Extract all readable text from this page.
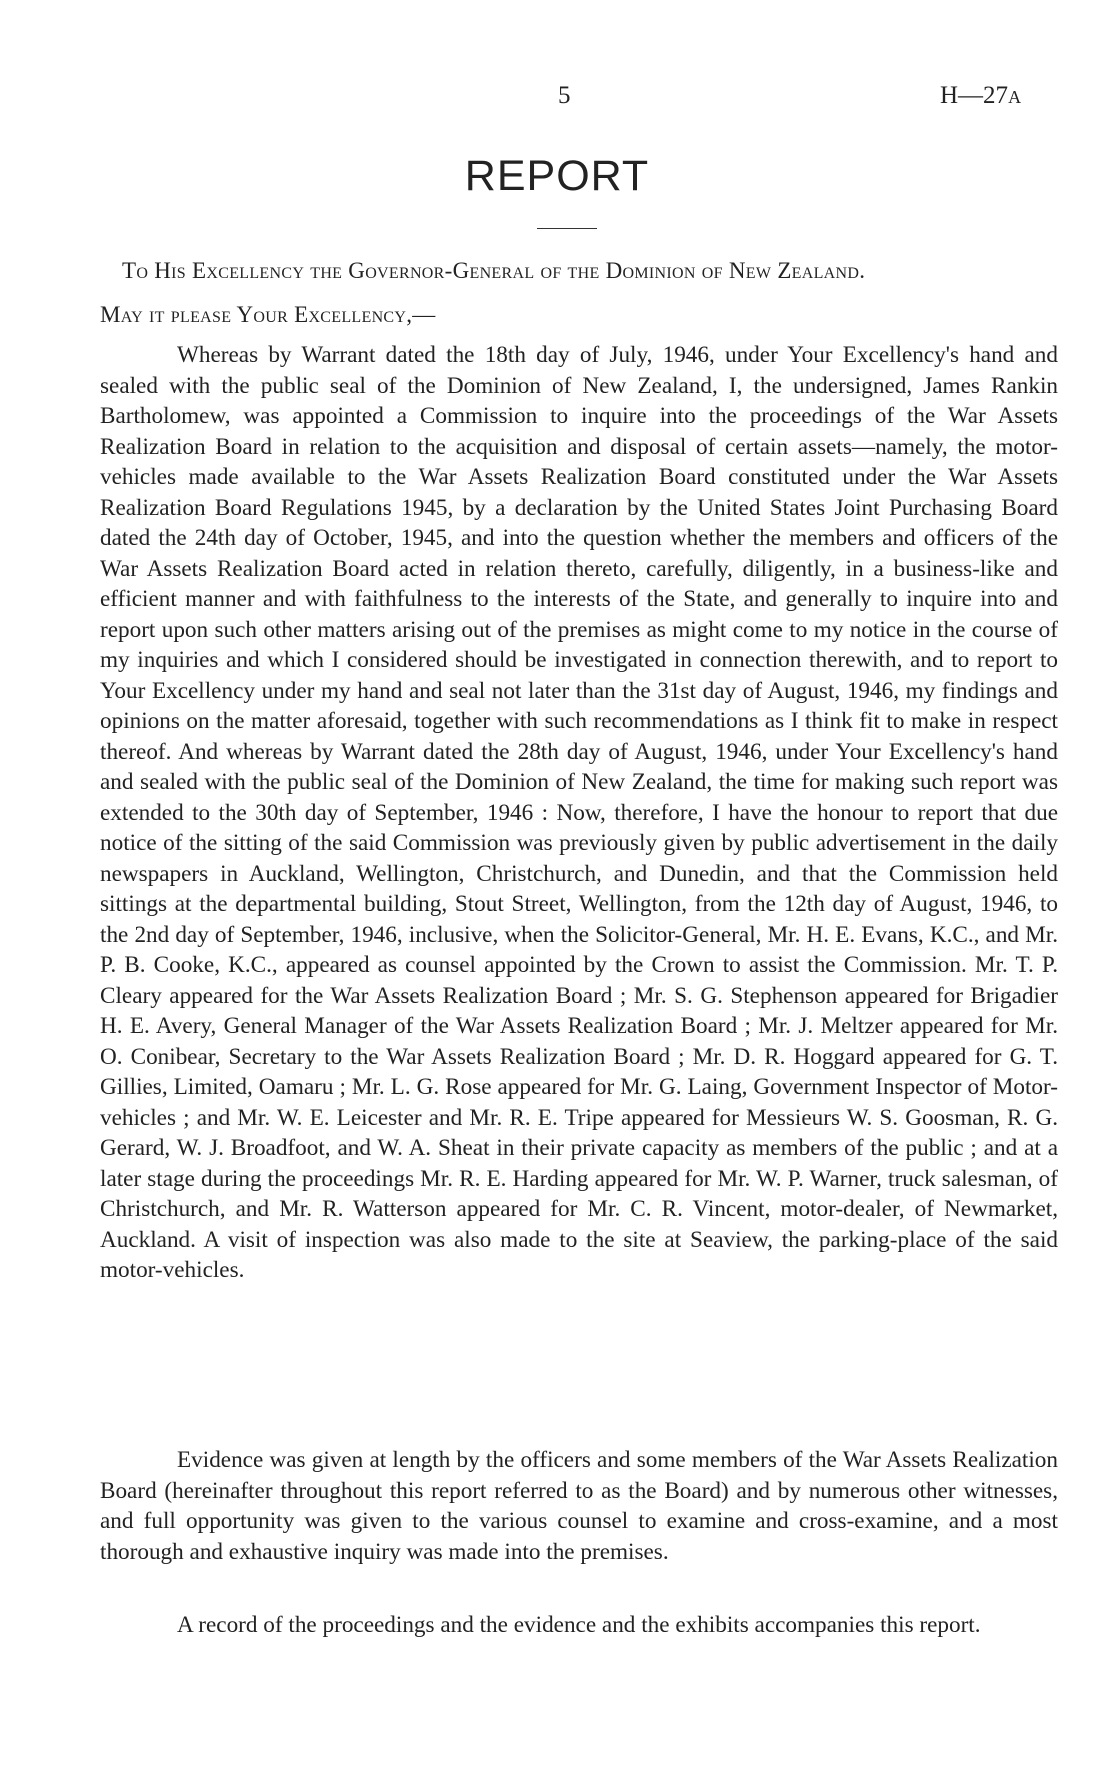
5	H—27A
REPORT
To His Excellency the Governor-General of the Dominion of New Zealand.
May it please Your Excellency,—

Whereas by Warrant dated the 18th day of July, 1946, under Your Excellency's hand and sealed with the public seal of the Dominion of New Zealand, I, the undersigned, James Rankin Bartholomew, was appointed a Commission to inquire into the proceedings of the War Assets Realization Board in relation to the acquisition and disposal of certain assets—namely, the motor-vehicles made available to the War Assets Realization Board constituted under the War Assets Realization Board Regulations 1945, by a declaration by the United States Joint Purchasing Board dated the 24th day of October, 1945, and into the question whether the members and officers of the War Assets Realization Board acted in relation thereto, carefully, diligently, in a business-like and efficient manner and with faithfulness to the interests of the State, and generally to inquire into and report upon such other matters arising out of the premises as might come to my notice in the course of my inquiries and which I considered should be investigated in connection therewith, and to report to Your Excellency under my hand and seal not later than the 31st day of August, 1946, my findings and opinions on the matter aforesaid, together with such recommendations as I think fit to make in respect thereof. And whereas by Warrant dated the 28th day of August, 1946, under Your Excellency's hand and sealed with the public seal of the Dominion of New Zealand, the time for making such report was extended to the 30th day of September, 1946 : Now, therefore, I have the honour to report that due notice of the sitting of the said Commission was previously given by public advertisement in the daily newspapers in Auckland, Wellington, Christchurch, and Dunedin, and that the Commission held sittings at the departmental building, Stout Street, Wellington, from the 12th day of August, 1946, to the 2nd day of September, 1946, inclusive, when the Solicitor-General, Mr. H. E. Evans, K.C., and Mr. P. B. Cooke, K.C., appeared as counsel appointed by the Crown to assist the Commission. Mr. T. P. Cleary appeared for the War Assets Realization Board ; Mr. S. G. Stephenson appeared for Brigadier H. E. Avery, General Manager of the War Assets Realization Board ; Mr. J. Meltzer appeared for Mr. O. Conibear, Secretary to the War Assets Realization Board ; Mr. D. R. Hoggard appeared for G. T. Gillies, Limited, Oamaru ; Mr. L. G. Rose appeared for Mr. G. Laing, Government Inspector of Motor-vehicles ; and Mr. W. E. Leicester and Mr. R. E. Tripe appeared for Messieurs W. S. Goosman, R. G. Gerard, W. J. Broadfoot, and W. A. Sheat in their private capacity as members of the public ; and at a later stage during the proceedings Mr. R. E. Harding appeared for Mr. W. P. Warner, truck salesman, of Christchurch, and Mr. R. Watterson appeared for Mr. C. R. Vincent, motor-dealer, of Newmarket, Auckland. A visit of inspection was also made to the site at Seaview, the parking-place of the said motor-vehicles.

Evidence was given at length by the officers and some members of the War Assets Realization Board (hereinafter throughout this report referred to as the Board) and by numerous other witnesses, and full opportunity was given to the various counsel to examine and cross-examine, and a most thorough and exhaustive inquiry was made into the premises.

A record of the proceedings and the evidence and the exhibits accompanies this report.
